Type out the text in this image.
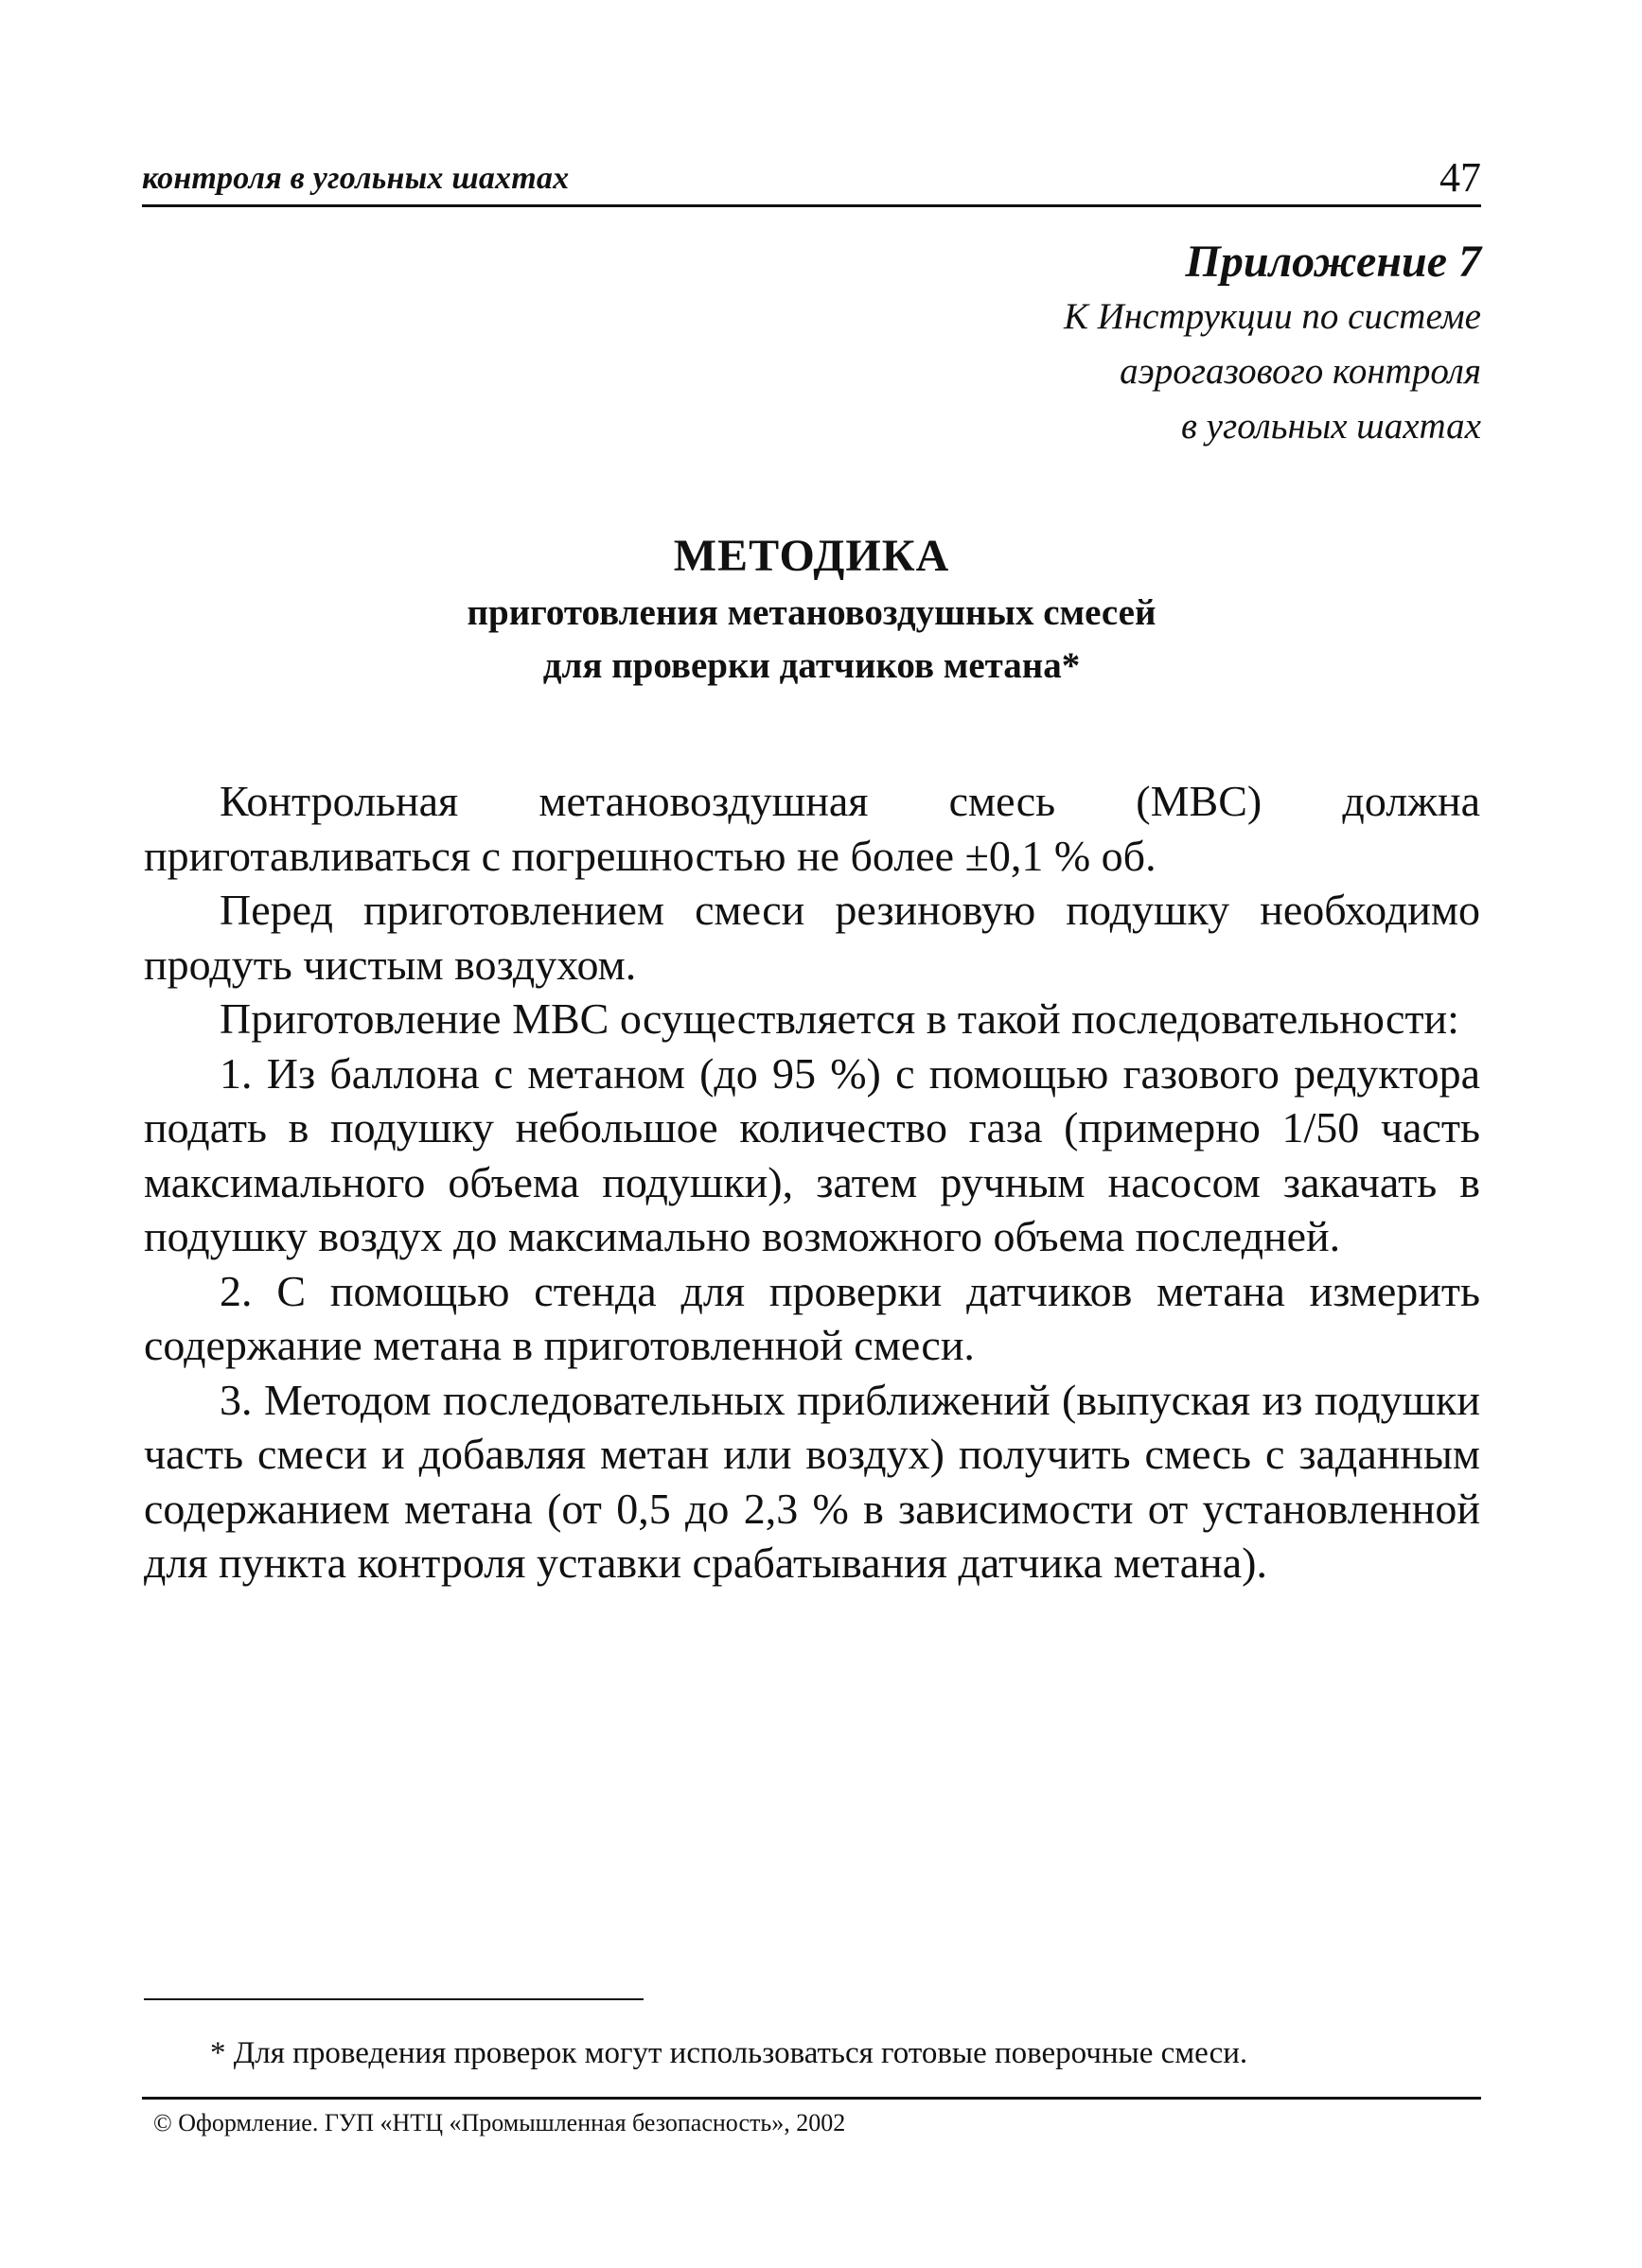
контроля в угольных шахтах	47
Приложение 7
К Инструкции по системе
аэрогазового контроля
в угольных шахтах
МЕТОДИКА
приготовления метановоздушных смесей
для проверки датчиков метана*

Контрольная метановоздушная смесь (МВС) должна приготавливаться с погрешностью не более ±0,1 % об.

Перед приготовлением смеси резиновую подушку необходимо продуть чистым воздухом.

Приготовление МВС осуществляется в такой последовательности:

1. Из баллона с метаном (до 95 %) с помощью газового редуктора подать в подушку небольшое количество газа (примерно 1/50 часть максимального объема подушки), затем ручным насосом закачать в подушку воздух до максимально возможного объема последней.

2. С помощью стенда для проверки датчиков метана измерить содержание метана в приготовленной смеси.

3. Методом последовательных приближений (выпуская из подушки часть смеси и добавляя метан или воздух) получить смесь с заданным содержанием метана (от 0,5 до 2,3 % в зависимости от установленной для пункта контроля уставки срабатывания датчика метана).

* Для проведения проверок могут использоваться готовые поверочные смеси.
© Оформление. ГУП «НТЦ «Промышленная безопасность», 2002
